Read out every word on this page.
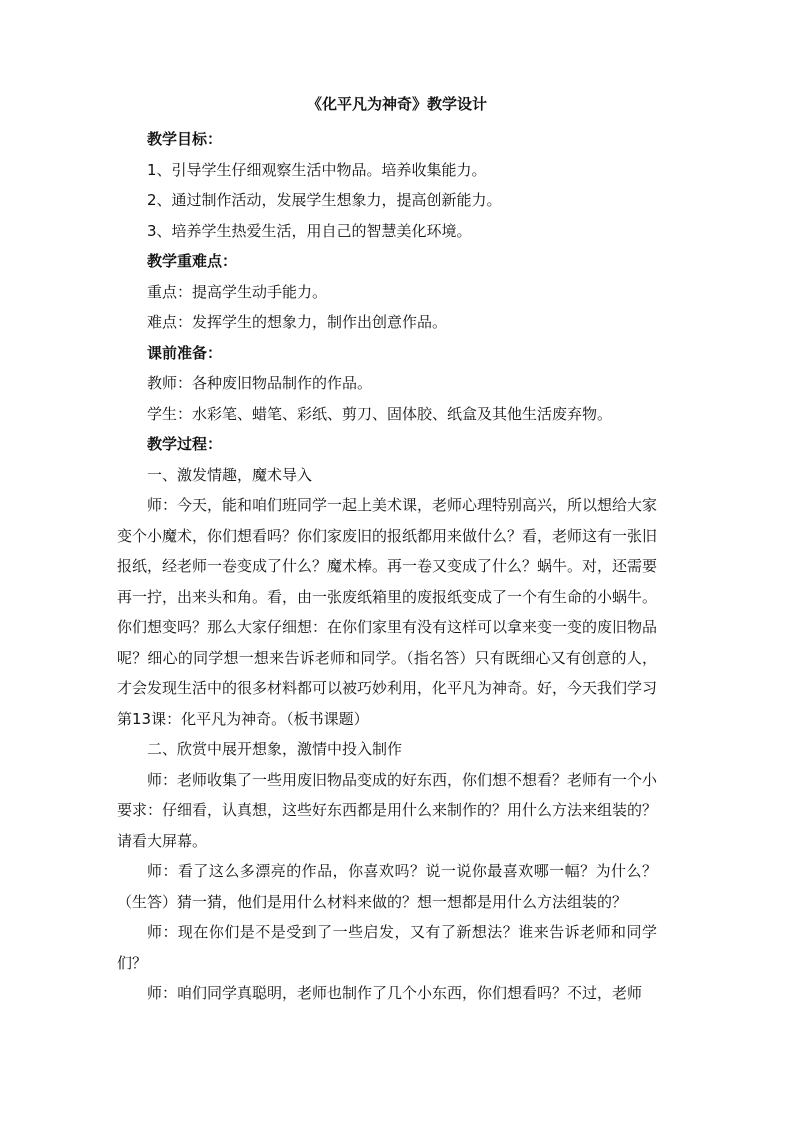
《化平凡为神奇》教学设计

教学目标：

1、引导学生仔细观察生活中物品。培养收集能力。

2、通过制作活动，发展学生想象力，提高创新能力。

3、培养学生热爱生活，用自己的智慧美化环境。

教学重难点：

重点：提高学生动手能力。

难点：发挥学生的想象力，制作出创意作品。

课前准备：

教师：各种废旧物品制作的作品。

学生：水彩笔、蜡笔、彩纸、剪刀、固体胶、纸盒及其他生活废弃物。

教学过程：

一、激发情趣，魔术导入

师：今天，能和咱们班同学一起上美术课，老师心理特别高兴，所以想给大家变个小魔术，你们想看吗？你们家废旧的报纸都用来做什么？看，老师这有一张旧报纸，经老师一卷变成了什么？魔术棒。再一卷又变成了什么？蜗牛。对，还需要再一拧，出来头和角。看，由一张废纸箱里的废报纸变成了一个有生命的小蜗牛。你们想变吗？那么大家仔细想：在你们家里有没有这样可以拿来变一变的废旧物品呢？细心的同学想一想来告诉老师和同学。（指名答）只有既细心又有创意的人，才会发现生活中的很多材料都可以被巧妙利用，化平凡为神奇。好，今天我们学习第13课：化平凡为神奇。（板书课题）

二、欣赏中展开想象，激情中投入制作

师：老师收集了一些用废旧物品变成的好东西，你们想不想看？老师有一个小要求：仔细看，认真想，这些好东西都是用什么来制作的？用什么方法来组装的？请看大屏幕。

师：看了这么多漂亮的作品，你喜欢吗？说一说你最喜欢哪一幅？为什么？（生答）猜一猜，他们是用什么材料来做的？想一想都是用什么方法组装的？

师：现在你们是不是受到了一些启发，又有了新想法？谁来告诉老师和同学们？

师：咱们同学真聪明，老师也制作了几个小东西，你们想看吗？不过，老师
